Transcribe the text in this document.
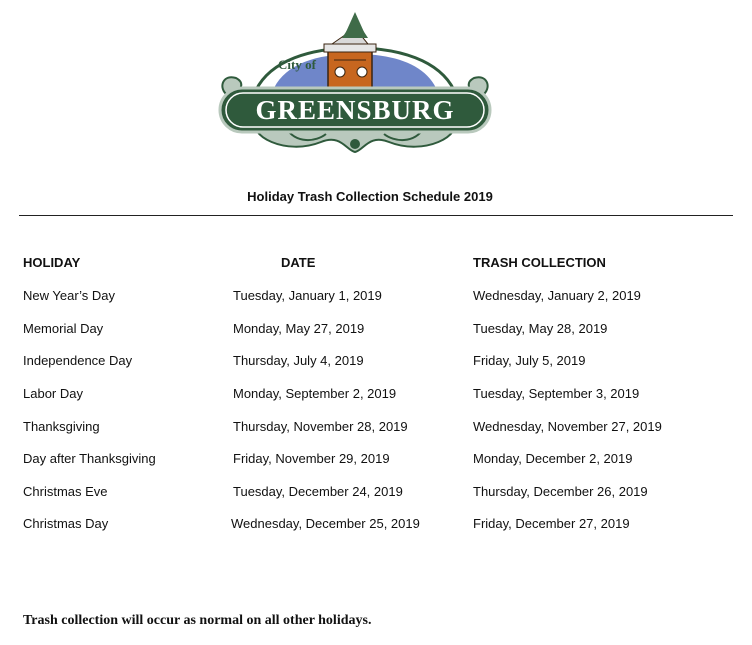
City of
GREENSBURG
Holiday Trash Collection Schedule 2019
HOLIDAY	DATE	TRASH COLLECTION
New Year’s Day	Tuesday, January 1, 2019	Wednesday, January 2, 2019
Memorial Day	Monday, May 27, 2019	Tuesday, May 28, 2019
Independence Day	Thursday, July 4, 2019	Friday, July 5, 2019
Labor Day	Monday, September 2, 2019	Tuesday, September 3, 2019
Thanksgiving	Thursday, November 28, 2019	Wednesday, November 27, 2019
Day after Thanksgiving	Friday, November 29, 2019	Monday, December 2, 2019
Christmas Eve	Tuesday, December 24, 2019	Thursday, December 26, 2019
Christmas Day	Wednesday, December 25, 2019	Friday, December 27, 2019
Trash collection will occur as normal on all other holidays.
